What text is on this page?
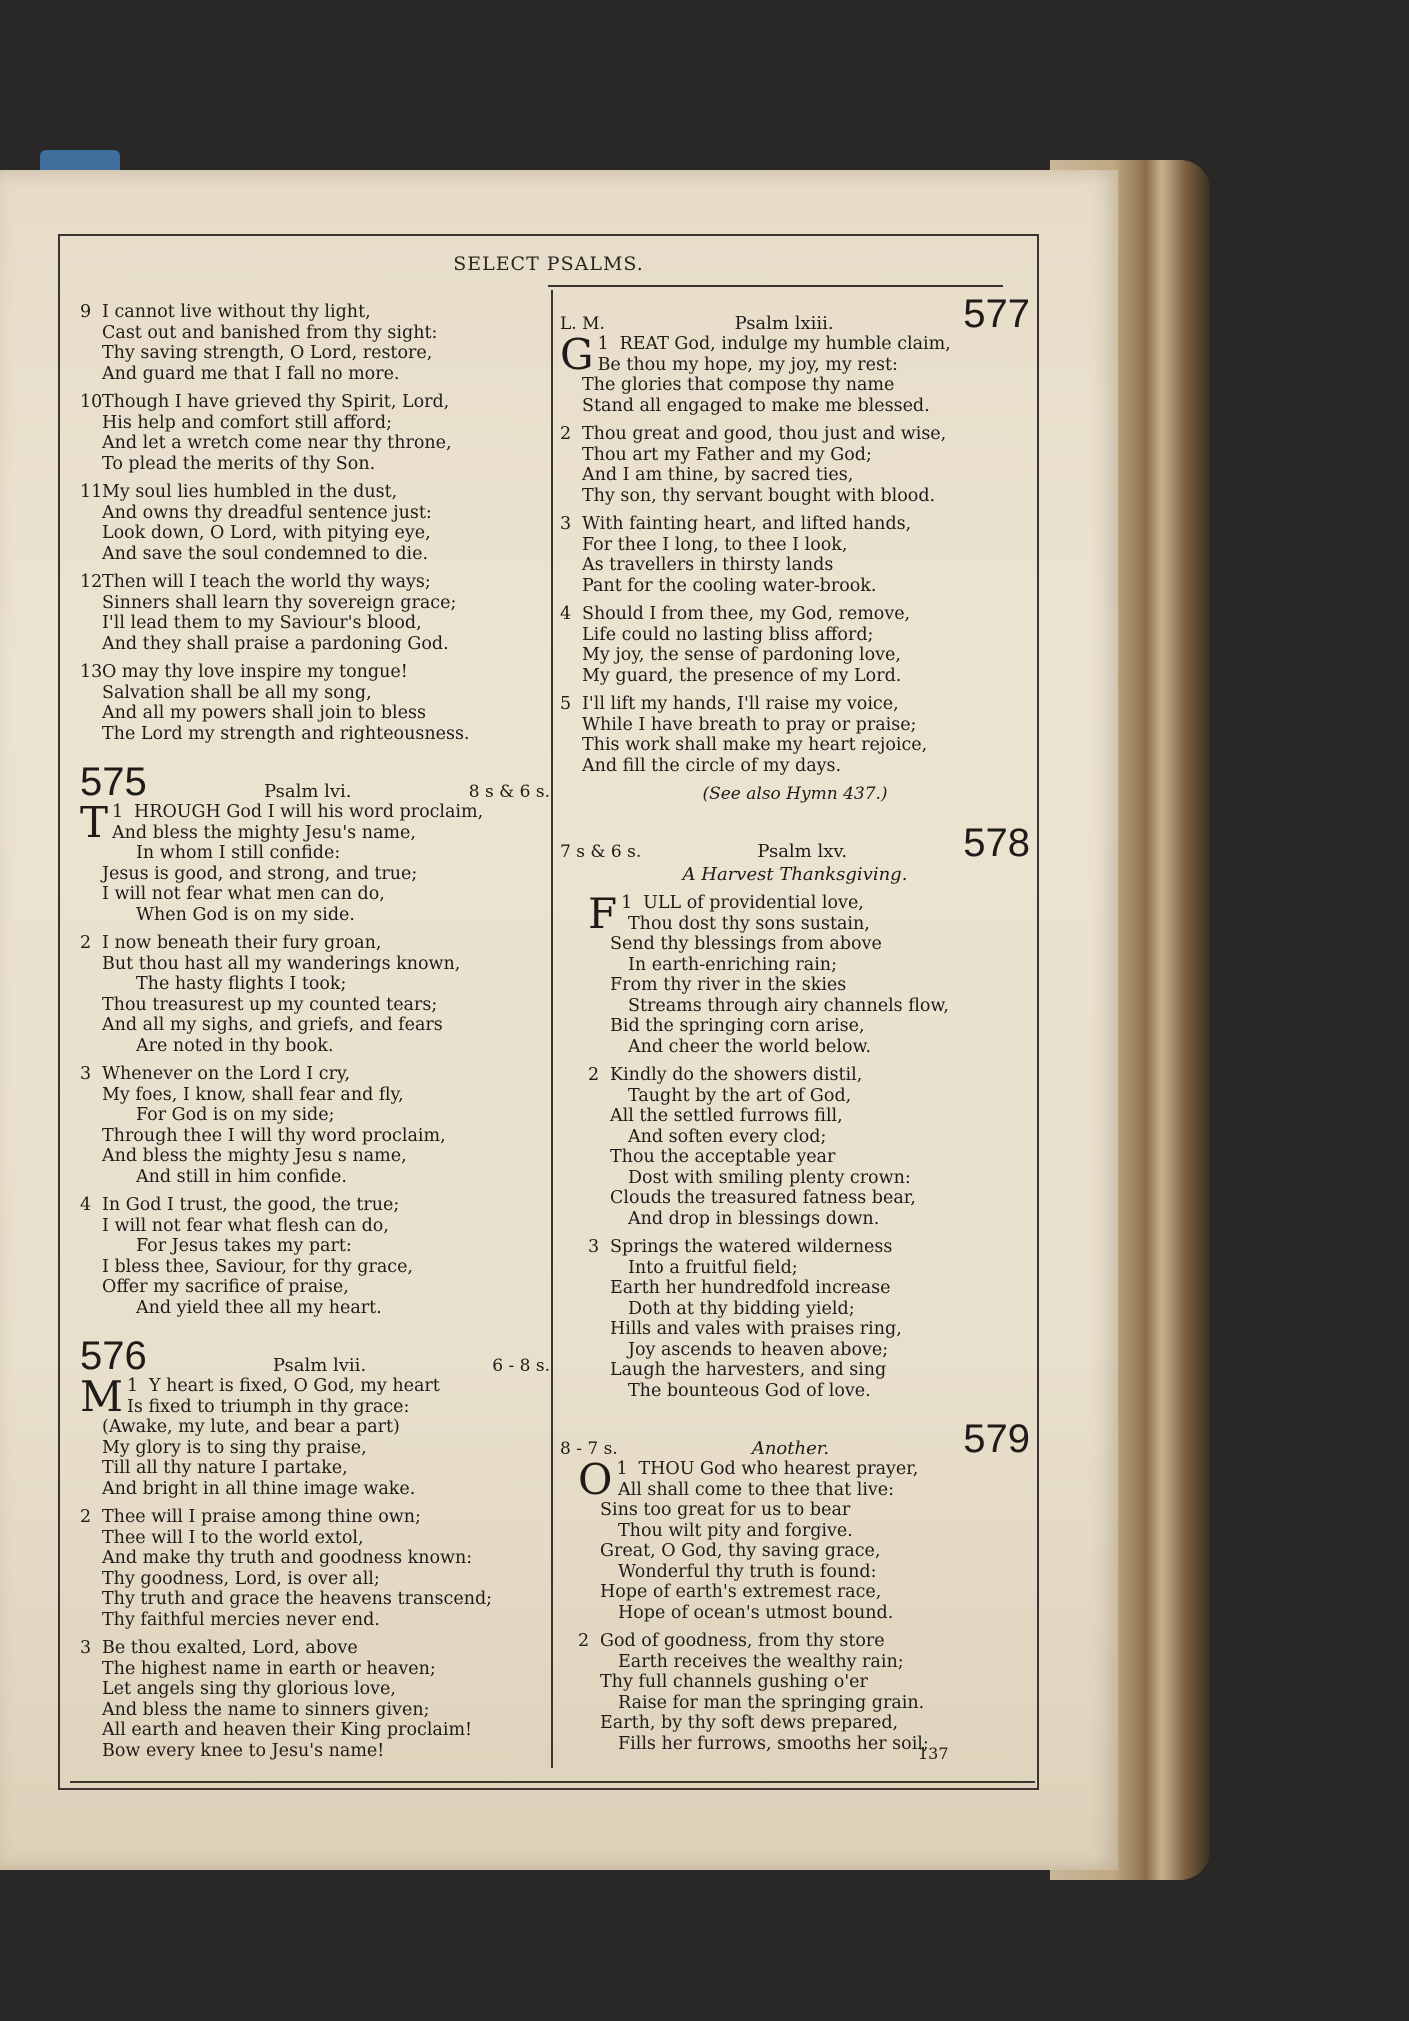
SELECT PSALMS.
9 I cannot live without thy light,
Cast out and banished from thy sight:
Thy saving strength, O Lord, restore,
And guard me that I fall no more.
10Though I have grieved thy Spirit, Lord,
His help and comfort still afford;
And let a wretch come near thy throne,
To plead the merits of thy Son.
11My soul lies humbled in the dust,
And owns thy dreadful sentence just:
Look down, O Lord, with pitying eye,
And save the soul condemned to die.
12Then will I teach the world thy ways;
Sinners shall learn thy sovereign grace;
I'll lead them to my Saviour's blood,
And they shall praise a pardoning God.
13O may thy love inspire my tongue!
Salvation shall be all my song,
And all my powers shall join to bless
The Lord my strength and righteousness.
575	Psalm lvi.	8 s & 6 s.
1
T HROUGH God I will his word proclaim,
And bless the mighty Jesu's name,
In whom I still confide:
Jesus is good, and strong, and true;
I will not fear what men can do,
When God is on my side.
2 I now beneath their fury groan,
But thou hast all my wanderings known,
The hasty flights I took;
Thou treasurest up my counted tears;
And all my sighs, and griefs, and fears
Are noted in thy book.
3 Whenever on the Lord I cry,
My foes, I know, shall fear and fly,
For God is on my side;
Through thee I will thy word proclaim,
And bless the mighty Jesu s name,
And still in him confide.
4 In God I trust, the good, the true;
I will not fear what flesh can do,
For Jesus takes my part:
I bless thee, Saviour, for thy grace,
Offer my sacrifice of praise,
And yield thee all my heart.
576	Psalm lvii.	6 - 8 s.
1
M Y heart is fixed, O God, my heart
Is fixed to triumph in thy grace:
(Awake, my lute, and bear a part)
My glory is to sing thy praise,
Till all thy nature I partake,
And bright in all thine image wake.
2 Thee will I praise among thine own;
Thee will I to the world extol,
And make thy truth and goodness known:
Thy goodness, Lord, is over all;
Thy truth and grace the heavens transcend;
Thy faithful mercies never end.
3 Be thou exalted, Lord, above
The highest name in earth or heaven;
Let angels sing thy glorious love,
And bless the name to sinners given;
All earth and heaven their King proclaim!
Bow every knee to Jesu's name!
L. M.	Psalm lxiii.	577
1
G REAT God, indulge my humble claim,
Be thou my hope, my joy, my rest:
The glories that compose thy name
Stand all engaged to make me blessed.
2 Thou great and good, thou just and wise,
Thou art my Father and my God;
And I am thine, by sacred ties,
Thy son, thy servant bought with blood.
3 With fainting heart, and lifted hands,
For thee I long, to thee I look,
As travellers in thirsty lands
Pant for the cooling water-brook.
4 Should I from thee, my God, remove,
Life could no lasting bliss afford;
My joy, the sense of pardoning love,
My guard, the presence of my Lord.
5 I'll lift my hands, I'll raise my voice,
While I have breath to pray or praise;
This work shall make my heart rejoice,
And fill the circle of my days.
(See also Hymn 437.)
7 s & 6 s.	Psalm lxv.	578
A Harvest Thanksgiving.
1
F ULL of providential love,
Thou dost thy sons sustain,
Send thy blessings from above
In earth-enriching rain;
From thy river in the skies
Streams through airy channels flow,
Bid the springing corn arise,
And cheer the world below.
2 Kindly do the showers distil,
Taught by the art of God,
All the settled furrows fill,
And soften every clod;
Thou the acceptable year
Dost with smiling plenty crown:
Clouds the treasured fatness bear,
And drop in blessings down.
3 Springs the watered wilderness
Into a fruitful field;
Earth her hundredfold increase
Doth at thy bidding yield;
Hills and vales with praises ring,
Joy ascends to heaven above;
Laugh the harvesters, and sing
The bounteous God of love.
8 - 7 s.	Another.	579
1
O THOU God who hearest prayer,
All shall come to thee that live:
Sins too great for us to bear
Thou wilt pity and forgive.
Great, O God, thy saving grace,
Wonderful thy truth is found:
Hope of earth's extremest race,
Hope of ocean's utmost bound.
2 God of goodness, from thy store
Earth receives the wealthy rain;
Thy full channels gushing o'er
Raise for man the springing grain.
Earth, by thy soft dews prepared,
Fills her furrows, smooths her soil;
137
